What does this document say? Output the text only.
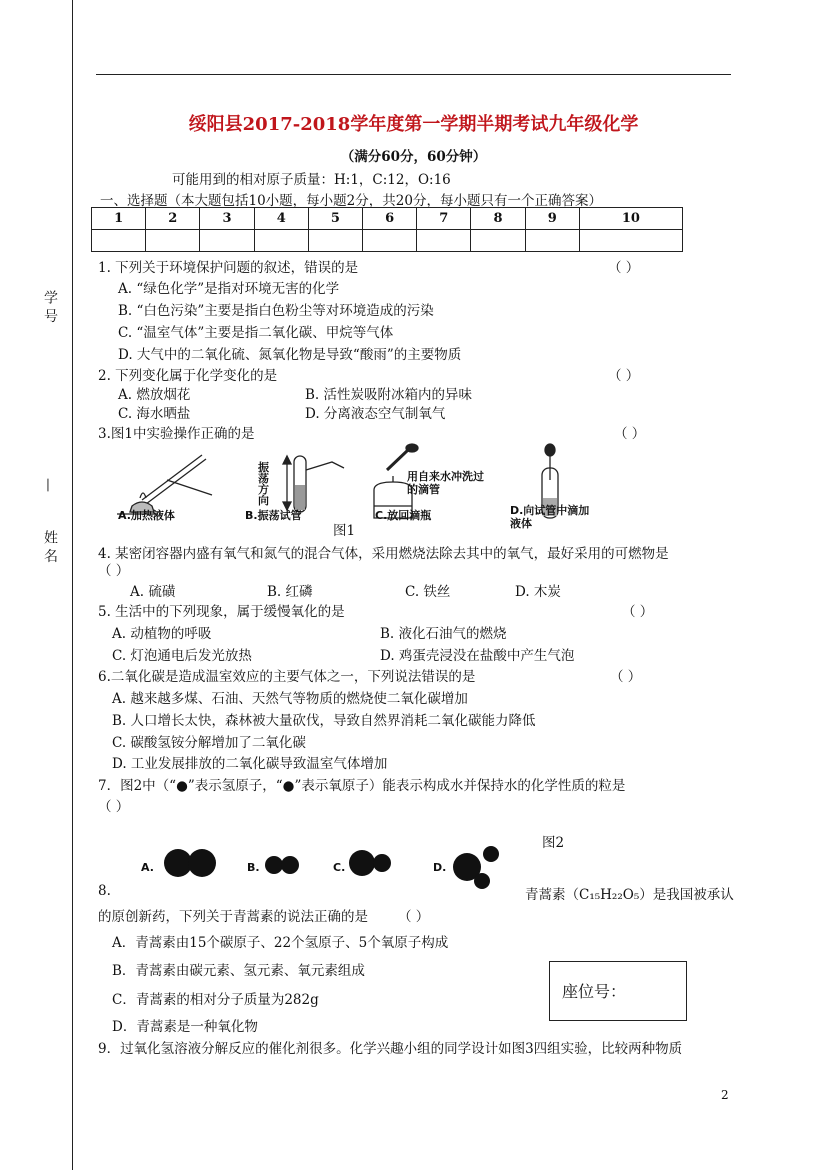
学 号
—
姓 名
绥阳县2017-2018学年度第一学期半期考试九年级化学
（满分60分，60分钟）
可能用到的相对原子质量：H:1，C:12，O:16
一、选择题（本大题包括10小题，每小题2分，共20分，每小题只有一个正确答案）
1	2	3	4	5	6	7	8	9	10

1. 下列关于环境保护问题的叙述，错误的是	（ ）
A. “绿色化学”是指对环境无害的化学
B. “白色污染”主要是指白色粉尘等对环境造成的污染
C. “温室气体”主要是指二氧化碳、甲烷等气体
D. 大气中的二氧化硫、氮氧化物是导致“酸雨”的主要物质
2. 下列变化属于化学变化的是	（ ）
A. 燃放烟花	B. 活性炭吸附冰箱内的异味
C. 海水晒盐	D. 分离液态空气制氧气
3.图1中实验操作正确的是	（ ）
振荡方向
用自来水冲洗过的滴管
A.加热液体	B.振荡试管	C.放回滴瓶	D.向试管中滴加液体
图1
4. 某密闭容器内盛有氧气和氮气的混合气体，采用燃烧法除去其中的氧气，最好采用的可燃物是
（ ）
A. 硫磺	B. 红磷	C. 铁丝	D. 木炭
5. 生活中的下列现象，属于缓慢氧化的是	（ ）
A. 动植物的呼吸	B. 液化石油气的燃烧
C. 灯泡通电后发光放热	D. 鸡蛋壳浸没在盐酸中产生气泡
6.二氧化碳是造成温室效应的主要气体之一，下列说法错误的是	（ ）
A. 越来越多煤、石油、天然气等物质的燃烧使二氧化碳增加
B. 人口增长太快，森林被大量砍伐，导致自然界消耗二氧化碳能力降低
C. 碳酸氢铵分解增加了二氧化碳
D. 工业发展排放的二氧化碳导致温室气体增加
7．图2中（“●”表示氢原子，“●”表示氧原子）能表示构成水并保持水的化学性质的粒是
（ ）
图2
A.	B.	C.	D.
8.	青蒿素（C₁₅H₂₂O₅）是我国被承认
的原创新药，下列关于青蒿素的说法正确的是 （ ）
A．青蒿素由15个碳原子、22个氢原子、5个氧原子构成
B．青蒿素由碳元素、氢元素、氧元素组成
C．青蒿素的相对分子质量为282g
D．青蒿素是一种氧化物
座位号：
9．过氧化氢溶液分解反应的催化剂很多。化学兴趣小组的同学设计如图3四组实验，比较两种物质
2
